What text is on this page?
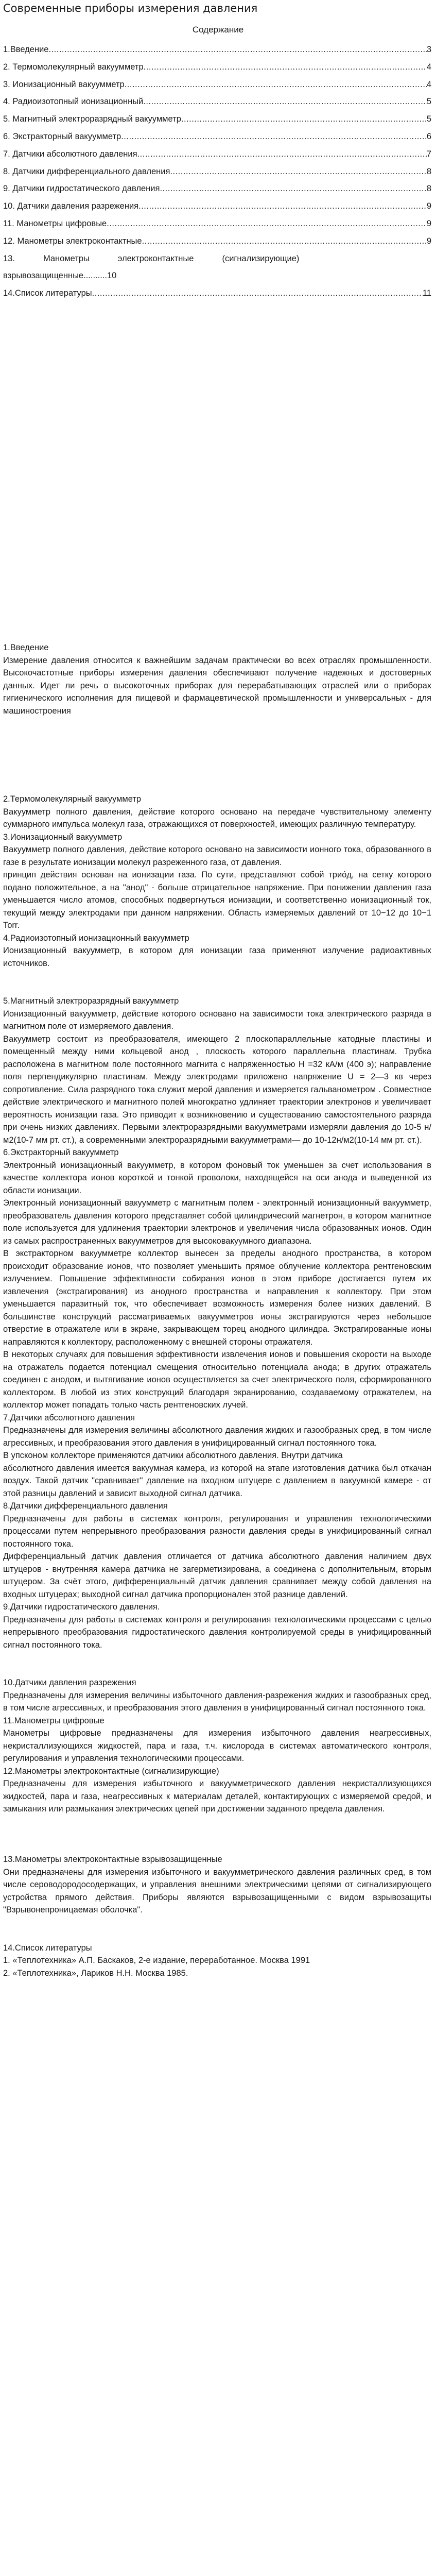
Современные приборы измерения давления
Содержание
1.Введение .....	3
2. Термомолекулярный вакуумметр .....	4
3. Ионизационный вакуумметр .....	4
4. Радиоизотопный ионизационный .....	5
5. Магнитный электроразрядный вакуумметр .....	5
6. Экстракторный вакуумметр .....	6
7. Датчики абсолютного давления .....	7
8. Датчики дифференциального давления .....	8
9. Датчики гидростатического давления .....	8
10. Датчики давления разрежения .....	9
11. Манометры цифровые .....	9
12. Манометры электроконтактные .....	9
13.            Манометры            электроконтактные            (сигнализирующие)
взрывозащищенные..........10
14.Список литературы .....	11

1.Введение

Измерение давления относится к важнейшим задачам практически во всех отраслях промышленности. Высокочастотные приборы измерения давления обеспечивают получение надежных и достоверных данных. Идет ли речь о высокоточных приборах для перерабатывающих отраслей или о приборах гигиенического исполнения для пищевой и фармацевтической промышленности и универсальных - для машиностроения

2.Термомолекулярный вакуумметр

Вакуумметр полного давления, действие которого основано на передаче чувствительному элементу суммарного импульса молекул газа, отражающихся от поверхностей, имеющих различную температуру.

3.Ионизационный вакуумметр

Вакуумметр полного давления, действие которого основано на зависимости ионного тока, образованного в газе в результате ионизации молекул разреженного газа, от давления.

принцип действия основан на ионизации газа. По сути, представляют собой трио́д, на сетку которого подано положительное, а на "анод" - больше отрицательное напряжение. При понижении давления газа уменьшается число атомов, способных подвергнуться ионизации, и соответственно ионизационный ток, текущий между электродами при данном напряжении. Область измеряемых давлений от 10−12 до 10−1 Torr.

4.Радиоизотопный ионизационный вакуумметр

Ионизационный вакуумметр, в котором для ионизации газа применяют излучение радиоактивных источников.

5.Магнитный электроразрядный вакуумметр

Ионизационный вакуумметр, действие которого основано на зависимости тока электрического разряда в магнитном поле от измеряемого давления.

Вакуумметр состоит из преобразователя, имеющего 2 плоскопараллельные катодные пластины и помещенный между ними кольцевой анод , плоскость которого параллельна пластинам. Трубка расположена в магнитном поле постоянного магнита с напряженностью Н =32 кА/м (400 э); направление поля перпендикулярно пластинам. Между электродами приложено напряжение U = 2—3 кв через сопротивление. Сила разрядного тока служит мерой давления и измеряется гальванометром . Совместное действие электрического и магнитного полей многократно удлиняет траектории электронов и увеличивает вероятность ионизации газа. Это приводит к возникновению и существованию самостоятельного разряда при очень низких давлениях. Первыми электроразрядными вакуумметрами измеряли давления до 10-5 н/м2(10-7 мм рт. ст.), а современными электроразрядными вакуумметрами— до 10-12н/м2(10-14 мм рт. ст.).

6.Экстракторный вакуумметр

Электронный ионизационный вакуумметр, в котором фоновый ток уменьшен за счет использования в качестве коллектора ионов короткой и тонкой проволоки, находящейся на оси анода и выведенной из области ионизации.

Электронный ионизационный вакуумметр с магнитным полем - электронный ионизационный вакуумметр, преобразователь давления которого представляет собой цилиндрический магнетрон, в котором магнитное поле используется для удлинения траектории электронов и увеличения числа образованных ионов. Один из самых распространенных вакуумметров для высоковакуумного диапазона.

В экстракторном вакуумметре коллектор вынесен за пределы анодного пространства, в котором происходит образование ионов, что позволяет уменьшить прямое облучение коллектора рентгеновским излучением. Повышение эффективности собирания ионов в этом приборе достигается путем их извлечения (экстрагирования) из анодного пространства и направления к коллектору. При этом уменьшается паразитный ток, что обеспечивает возможность измерения более низких давлений. В большинстве конструкций рассматриваемых вакуумметров ионы экстрагируются через небольшое отверстие в отражателе или в экране, закрывающем торец анодного цилиндра. Экстрагированные ионы направляются к коллектору, расположенному с внешней стороны отражателя.

В некоторых случаях для повышения эффективности извлечения ионов и повышения скорости на выходе на отражатель подается потенциал смещения относительно потенциала анода; в других отражатель соединен с анодом, и вытягивание ионов осуществляется за счет электрического поля, сформированного коллектором. В любой из этих конструкций благодаря экранированию, создаваемому отражателем, на коллектор может попадать только часть рентгеновских лучей.

7.Датчики абсолютного давления

Предназначены для измерения величины абсолютного давления жидких и газообразных сред, в том числе агрессивных, и преобразования этого давления в унифицированный сигнал постоянного тока.

В упсконом коллекторе применяются датчики абсолютного давления. Внутри датчика
абсолютного давления имеется вакуумная камера, из которой на этапе изготовления датчика был откачан воздух. Такой датчик "сравнивает" давление на входном штуцере с давлением в вакуумной камере - от этой разницы давлений и зависит выходной сигнал датчика.

8.Датчики дифференциального давления

Предназначены для работы в системах контроля, регулирования и управления технологическими процессами путем непрерывного преобразования разности давления среды в унифицированный сигнал постоянного тока.

Дифференциальный датчик давления отличается от датчика абсолютного давления наличием двух штуцеров - внутренняя камера датчика не загерметизирована, а соединена с дополнительным, вторым штуцером. За счёт этого, дифференциальный датчик давления сравнивает между собой давления на входных штуцерах; выходной сигнал датчика пропорционален этой разнице давлений.

9.Датчики гидростатического давления.

Предназначены для работы в системах контроля и регулирования технологическими процессами с целью непрерывного преобразования гидростатического давления контролируемой среды в унифицированный сигнал постоянного тока.

10.Датчики давления разрежения

Предназначены для измерения величины избыточного давления-разрежения жидких и газообразных сред, в том числе агрессивных, и преобразования этого давления в унифицированный сигнал постоянного тока.

11.Манометры цифровые

Манометры цифровые предназначены для измерения избыточного давления неагрессивных, некристаллизующихся жидкостей, пара и газа, т.ч. кислорода в системах автоматического контроля, регулирования и управления технологическими процессами.

12.Манометры электроконтактные (сигнализирующие)

Предназначены для измерения избыточного и вакуумметрического давления некристаллизующихся жидкостей, пара и газа, неагрессивных к материалам деталей, контактирующих с измеряемой средой, и замыкания или размыкания электрических цепей при достижении заданного предела давления.

13.Манометры электроконтактные взрывозащищенные

Они предназначены для измерения избыточного и вакуумметрического давления различных сред, в том числе сероводородосодержащих, и управления внешними электрическими цепями от сигнализирующего устройства прямого действия. Приборы являются взрывозащищенными с видом взрывозащиты "Взрывонепроницаемая оболочка".

14.Список литературы

1. «Теплотехника» А.П. Баскаков, 2-е издание, переработанное. Москва 1991

2. «Теплотехника», Лариков Н.Н. Москва 1985.
